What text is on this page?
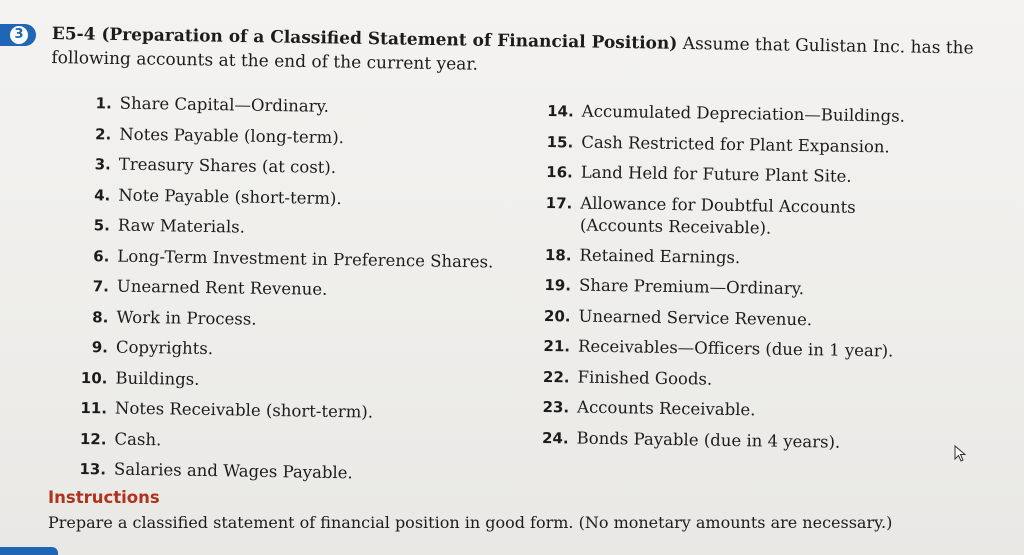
3 E5-4 (Preparation of a Classified Statement of Financial Position) Assume that Gulistan Inc. has the following accounts at the end of the current year.
1. Share Capital—Ordinary.
2. Notes Payable (long-term).
3. Treasury Shares (at cost).
4. Note Payable (short-term).
5. Raw Materials.
6. Long-Term Investment in Preference Shares.
7. Unearned Rent Revenue.
8. Work in Process.
9. Copyrights.
10. Buildings.
11. Notes Receivable (short-term).
12. Cash.
13. Salaries and Wages Payable.
14. Accumulated Depreciation—Buildings.
15. Cash Restricted for Plant Expansion.
16. Land Held for Future Plant Site.
17. Allowance for Doubtful Accounts
(Accounts Receivable).
18. Retained Earnings.
19. Share Premium—Ordinary.
20. Unearned Service Revenue.
21. Receivables—Officers (due in 1 year).
22. Finished Goods.
23. Accounts Receivable.
24. Bonds Payable (due in 4 years).
Instructions
Prepare a classified statement of financial position in good form. (No monetary amounts are necessary.)
